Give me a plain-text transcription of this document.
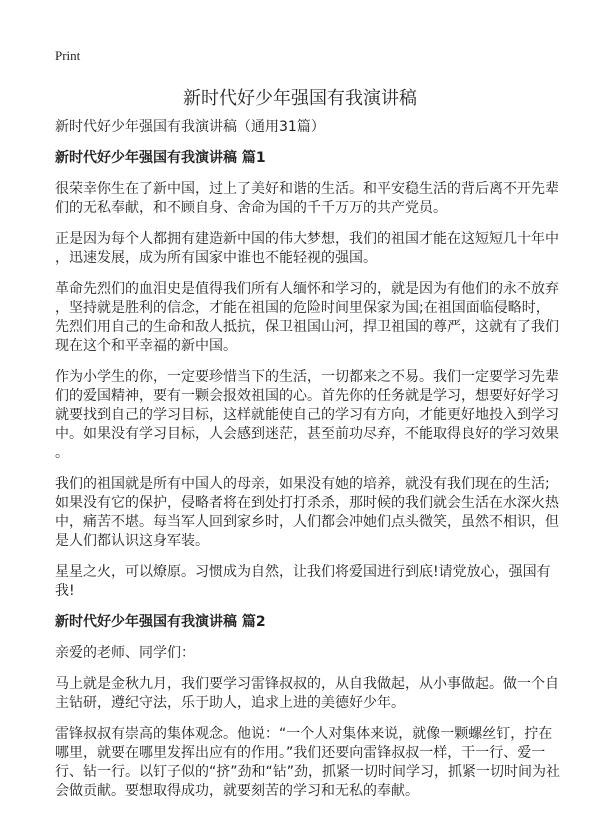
Print
新时代好少年强国有我演讲稿
新时代好少年强国有我演讲稿（通用31篇）
新时代好少年强国有我演讲稿 篇1
很荣幸你生在了新中国，过上了美好和谐的生活。和平安稳生活的背后离不开先辈
们的无私奉献，和不顾自身、舍命为国的千千万万的共产党员。
正是因为每个人都拥有建造新中国的伟大梦想，我们的祖国才能在这短短几十年中
，迅速发展，成为所有国家中谁也不能轻视的强国。
革命先烈们的血泪史是值得我们所有人缅怀和学习的，就是因为有他们的永不放弃
，坚持就是胜利的信念，才能在祖国的危险时间里保家为国;在祖国面临侵略时，
先烈们用自己的生命和敌人抵抗，保卫祖国山河，捍卫祖国的尊严，这就有了我们
现在这个和平幸福的新中国。
作为小学生的你，一定要珍惜当下的生活，一切都来之不易。我们一定要学习先辈
们的爱国精神，要有一颗会报效祖国的心。首先你的任务就是学习，想要好好学习
就要找到自己的学习目标，这样就能使自己的学习有方向，才能更好地投入到学习
中。如果没有学习目标，人会感到迷茫，甚至前功尽弃，不能取得良好的学习效果
。
我们的祖国就是所有中国人的母亲，如果没有她的培养，就没有我们现在的生活;
如果没有它的保护，侵略者将在到处打打杀杀，那时候的我们就会生活在水深火热
中，痛苦不堪。每当军人回到家乡时，人们都会冲她们点头微笑，虽然不相识，但
是人们都认识这身军装。
星星之火，可以燎原。习惯成为自然，让我们将爱国进行到底!请党放心，强国有
我!
新时代好少年强国有我演讲稿 篇2
亲爱的老师、同学们：
马上就是金秋九月，我们要学习雷锋叔叔的，从自我做起，从小事做起。做一个自
主钻研，遵纪守法，乐于助人，追求上进的美德好少年。
雷锋叔叔有崇高的集体观念。他说：“一个人对集体来说，就像一颗螺丝钉，拧在
哪里，就要在哪里发挥出应有的作用。”我们还要向雷锋叔叔一样，干一行、爱一
行、钻一行。以钉子似的“挤”劲和“钻”劲，抓紧一切时间学习，抓紧一切时间为社
会做贡献。要想取得成功，就要刻苦的学习和无私的奉献。
